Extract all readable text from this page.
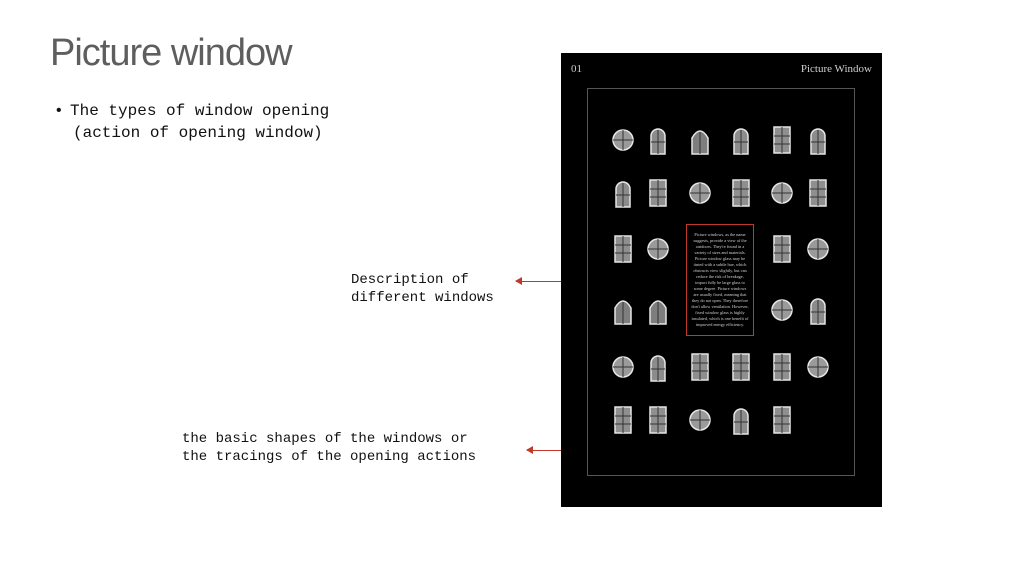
Picture window
• The types of window opening
(action of opening window)
Description of
different windows
the basic shapes of the windows or
the tracings of the opening actions
01	Picture Window
Picture windows, as the name suggests, provide a view of the outdoors. They're found in a variety of sizes and materials. Picture window glass may be tinted with a subtle hue, which obstructs view slightly, but can reduce the risk of breakage, impact fully be large glass to some degree. Picture windows are usually fixed, meaning that they do not open. They therefore don't allow ventilation. However, fixed window glass is highly insulated, which is one benefit of improved energy efficiency.
